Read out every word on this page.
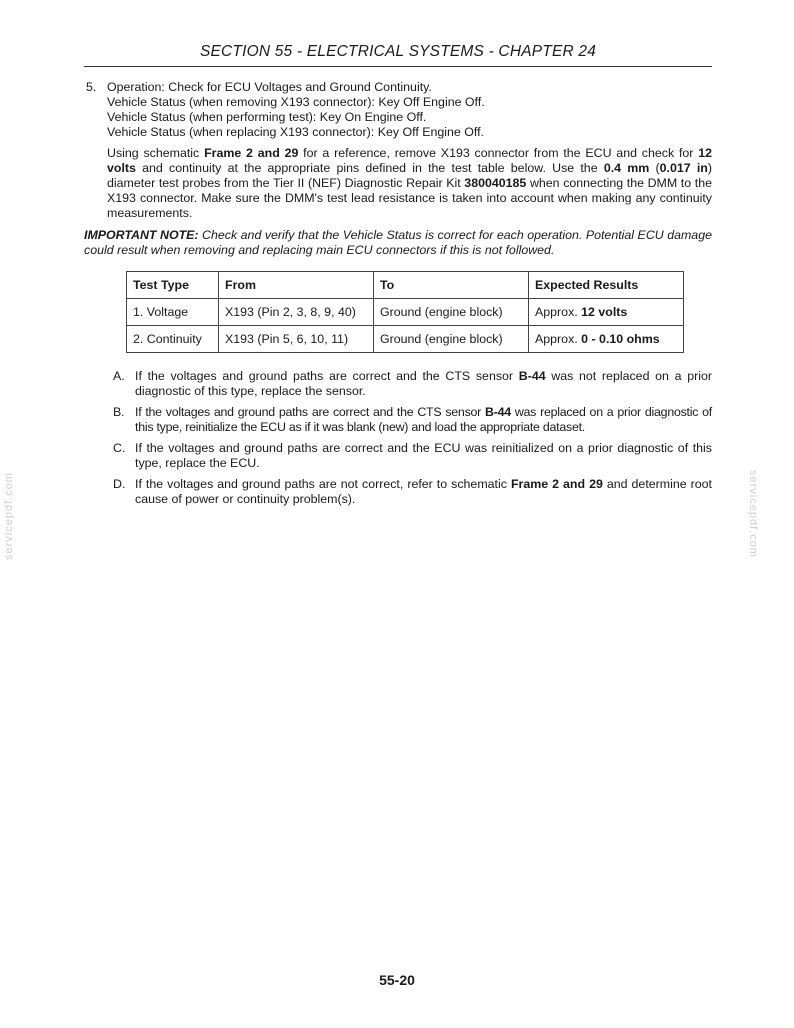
SECTION 55 - ELECTRICAL SYSTEMS - CHAPTER 24
5. Operation: Check for ECU Voltages and Ground Continuity.
Vehicle Status (when removing X193 connector): Key Off Engine Off.
Vehicle Status (when performing test): Key On Engine Off.
Vehicle Status (when replacing X193 connector): Key Off Engine Off.
Using schematic Frame 2 and 29 for a reference, remove X193 connector from the ECU and check for 12 volts and continuity at the appropriate pins defined in the test table below. Use the 0.4 mm (0.017 in) diameter test probes from the Tier II (NEF) Diagnostic Repair Kit 380040185 when connecting the DMM to the X193 connector. Make sure the DMM's test lead resistance is taken into account when making any continuity measurements.
IMPORTANT NOTE: Check and verify that the Vehicle Status is correct for each operation. Potential ECU damage could result when removing and replacing main ECU connectors if this is not followed.
Test Type	From	To	Expected Results
1. Voltage	X193 (Pin 2, 3, 8, 9, 40)	Ground (engine block)	Approx. 12 volts
2. Continuity	X193 (Pin 5, 6, 10, 11)	Ground (engine block)	Approx. 0 - 0.10 ohms
A. If the voltages and ground paths are correct and the CTS sensor B-44 was not replaced on a prior diagnostic of this type, replace the sensor.
B. If the voltages and ground paths are correct and the CTS sensor B-44 was replaced on a prior diagnostic of this type, reinitialize the ECU as if it was blank (new) and load the appropriate dataset.
C. If the voltages and ground paths are correct and the ECU was reinitialized on a prior diagnostic of this type, replace the ECU.
D. If the voltages and ground paths are not correct, refer to schematic Frame 2 and 29 and determine root cause of power or continuity problem(s).
servicepdf.com	servicepdf.com
55-20
